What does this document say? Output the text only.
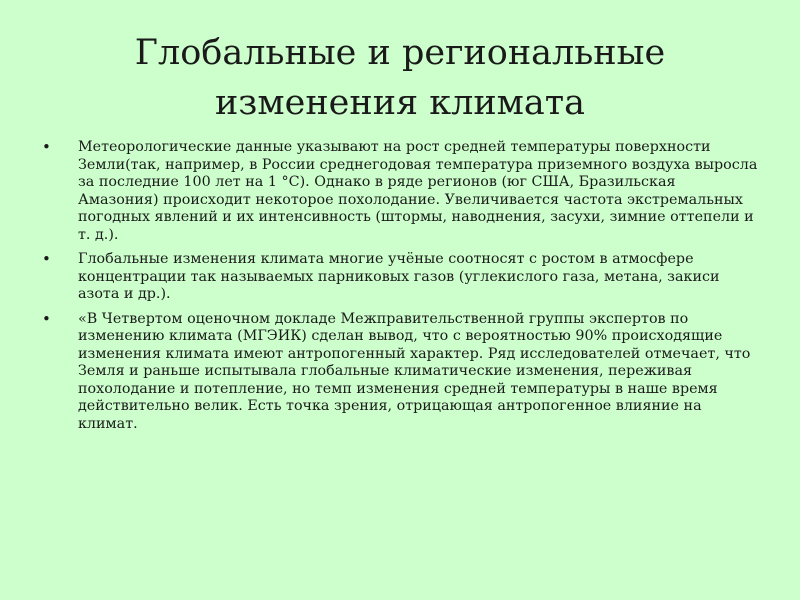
Глобальные и региональные
изменения климата
• Метеорологические данные указывают на рост средней температуры поверхности Земли(так, например, в России среднегодовая температура приземного воздуха выросла за последние 100 лет на 1 °С). Однако в ряде регионов (юг США, Бразильская Амазония) происходит некоторое похолодание. Увеличивается частота экстремальных погодных явлений и их интенсивность (штормы, наводнения, засухи, зимние оттепели и т. д.).
• Глобальные изменения климата многие учёные соотносят с ростом в атмосфере концентрации так называемых парниковых газов (углекислого газа, метана, закиси азота и др.).
• «В Четвертом оценочном докладе Межправительственной группы экспертов по изменению климата (МГЭИК) сделан вывод, что с вероятностью 90% происходящие изменения климата имеют антропогенный характер. Ряд исследователей отмечает, что Земля и раньше испытывала глобальные климатические изменения, переживая похолодание и потепление, но темп изменения средней температуры в наше время действительно велик. Есть точка зрения, отрицающая антропогенное влияние на климат.
